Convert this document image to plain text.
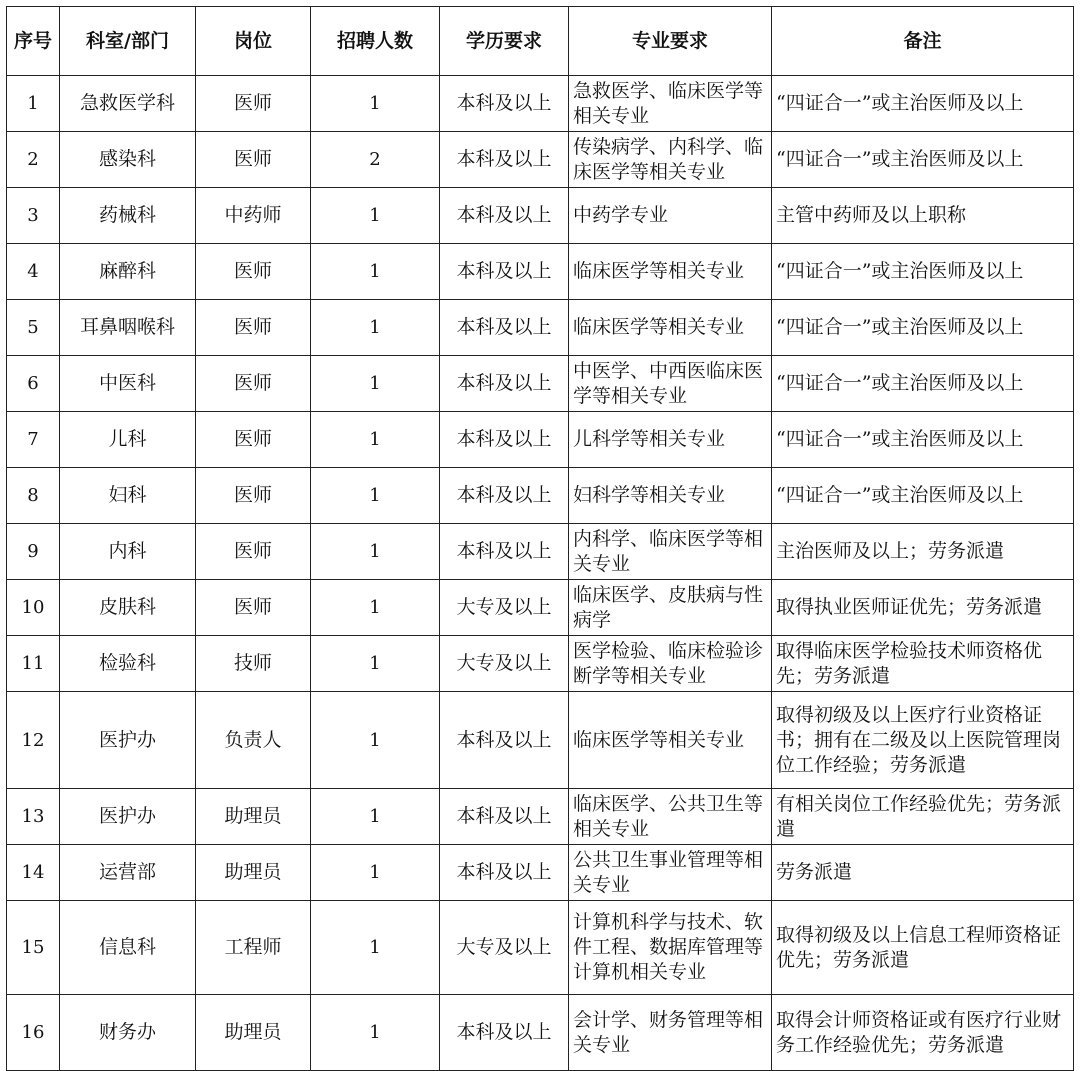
序号	科室/部门	岗位	招聘人数	学历要求	专业要求	备注
1	急救医学科	医师	1	本科及以上	急救医学、临床医学等相关专业	“四证合一”或主治医师及以上
2	感染科	医师	2	本科及以上	传染病学、内科学、临床医学等相关专业	“四证合一”或主治医师及以上
3	药械科	中药师	1	本科及以上	中药学专业	主管中药师及以上职称
4	麻醉科	医师	1	本科及以上	临床医学等相关专业	“四证合一”或主治医师及以上
5	耳鼻咽喉科	医师	1	本科及以上	临床医学等相关专业	“四证合一”或主治医师及以上
6	中医科	医师	1	本科及以上	中医学、中西医临床医学等相关专业	“四证合一”或主治医师及以上
7	儿科	医师	1	本科及以上	儿科学等相关专业	“四证合一”或主治医师及以上
8	妇科	医师	1	本科及以上	妇科学等相关专业	“四证合一”或主治医师及以上
9	内科	医师	1	本科及以上	内科学、临床医学等相关专业	主治医师及以上；劳务派遣
10	皮肤科	医师	1	大专及以上	临床医学、皮肤病与性病学	取得执业医师证优先；劳务派遣
11	检验科	技师	1	大专及以上	医学检验、临床检验诊断学等相关专业	取得临床医学检验技术师资格优先；劳务派遣
12	医护办	负责人	1	本科及以上	临床医学等相关专业	取得初级及以上医疗行业资格证书；拥有在二级及以上医院管理岗位工作经验；劳务派遣
13	医护办	助理员	1	本科及以上	临床医学、公共卫生等相关专业	有相关岗位工作经验优先；劳务派遣
14	运营部	助理员	1	本科及以上	公共卫生事业管理等相关专业	劳务派遣
15	信息科	工程师	1	大专及以上	计算机科学与技术、软件工程、数据库管理等计算机相关专业	取得初级及以上信息工程师资格证优先；劳务派遣
16	财务办	助理员	1	本科及以上	会计学、财务管理等相关专业	取得会计师资格证或有医疗行业财务工作经验优先；劳务派遣
